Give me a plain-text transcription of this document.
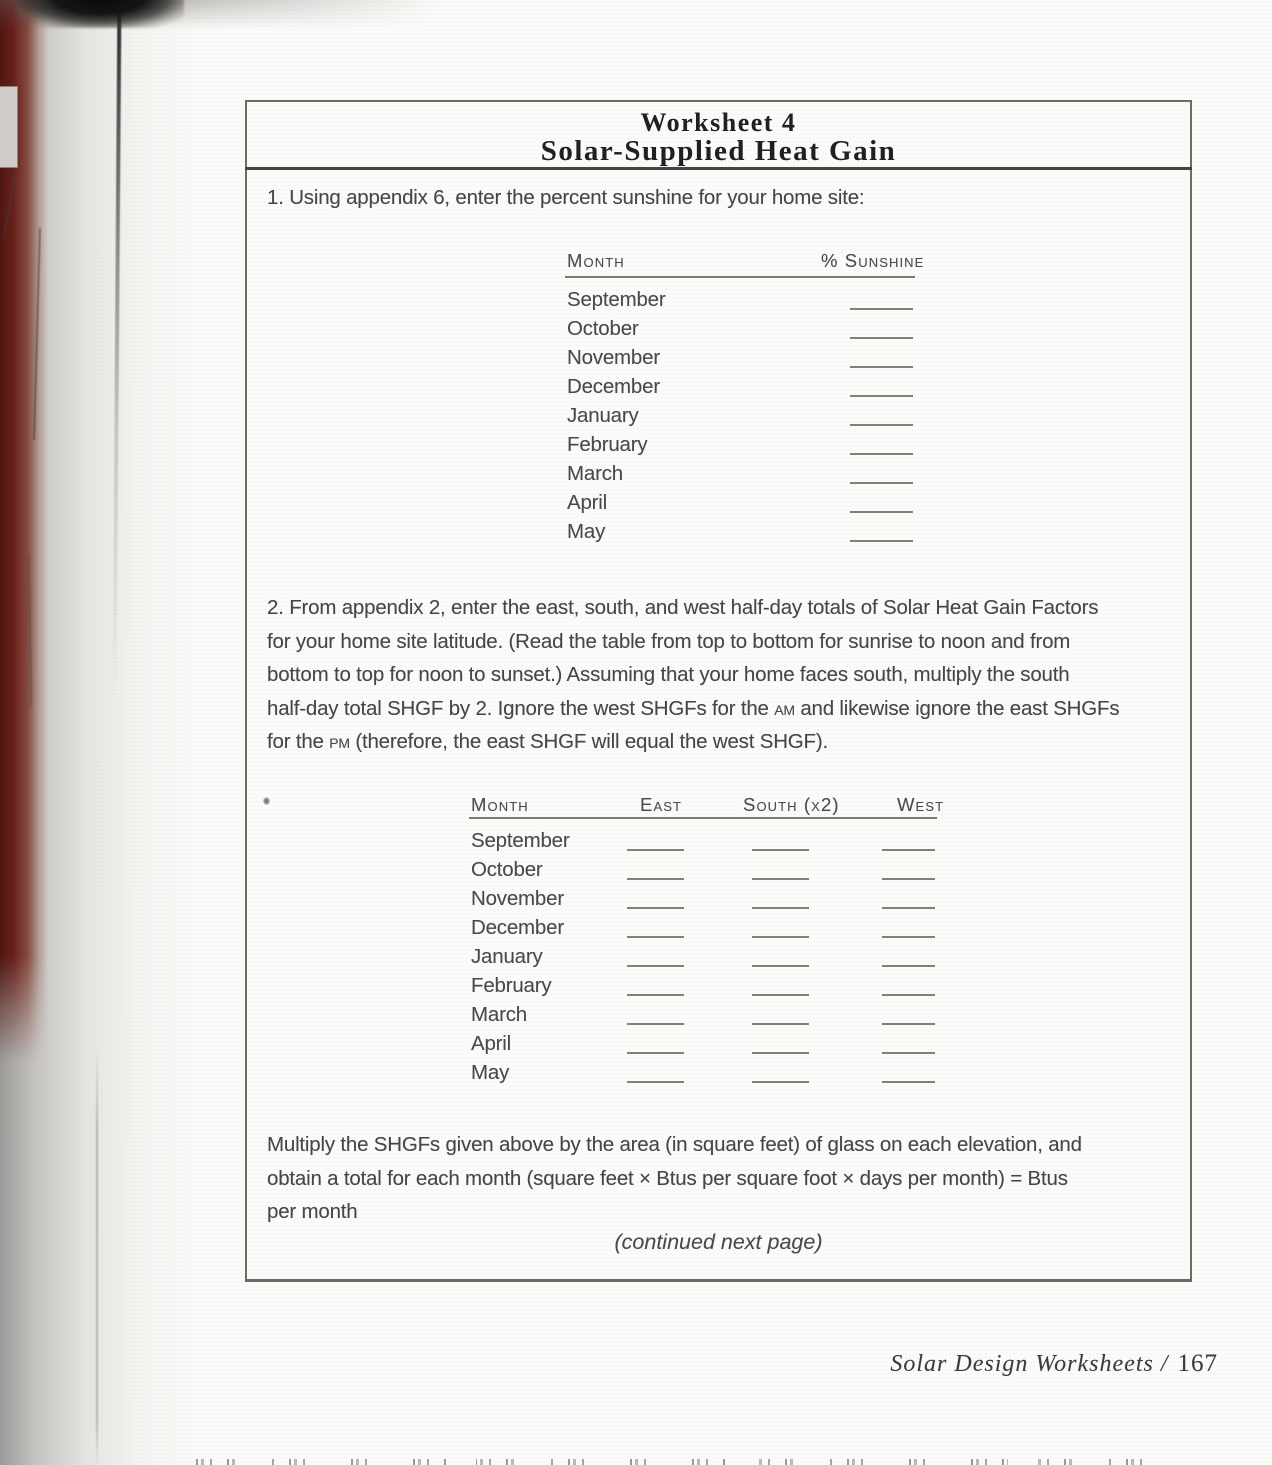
Worksheet 4
Solar-Supplied Heat Gain
1. Using appendix 6, enter the percent sunshine for your home site:
Month	% Sunshine
September
October
November
December
January
February
March
April
May
2. From appendix 2, enter the east, south, and west half-day totals of Solar Heat Gain Factors
for your home site latitude. (Read the table from top to bottom for sunrise to noon and from
bottom to top for noon to sunset.) Assuming that your home faces south, multiply the south
half-day total SHGF by 2. Ignore the west SHGFs for the am and likewise ignore the east SHGFs
for the pm (therefore, the east SHGF will equal the west SHGF).
Month	East	South (x2)	West
September
October
November
December
January
February
March
April
May
Multiply the SHGFs given above by the area (in square feet) of glass on each elevation, and
obtain a total for each month (square feet × Btus per square foot × days per month) = Btus
per month
(continued next page)
Solar Design Worksheets / 167
